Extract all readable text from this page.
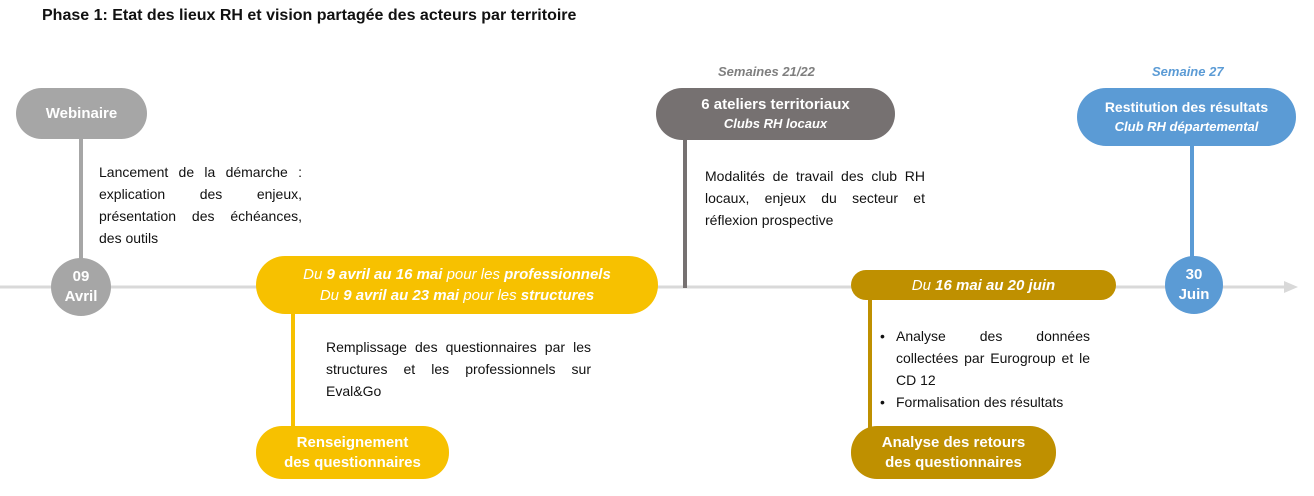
Phase 1: Etat des lieux RH et vision partagée des acteurs par territoire
Webinaire
Lancement de la démarche : explication des enjeux, présentation des échéances, des outils
09
Avril
Du 9 avril au 16 mai pour les professionnels
Du 9 avril au 23 mai pour les structures
Remplissage des questionnaires par les structures et les professionnels sur Eval&Go
Renseignement
des questionnaires
Semaines 21/22
6 ateliers territoriaux
Clubs RH locaux
Modalités de travail des club RH locaux, enjeux du secteur et réflexion prospective
Du 16 mai au 20 juin
• Analyse des données collectées par Eurogroup et le CD 12
• Formalisation des résultats
Analyse des retours
des questionnaires
Semaine 27
Restitution des résultats
Club RH départemental
30
Juin
